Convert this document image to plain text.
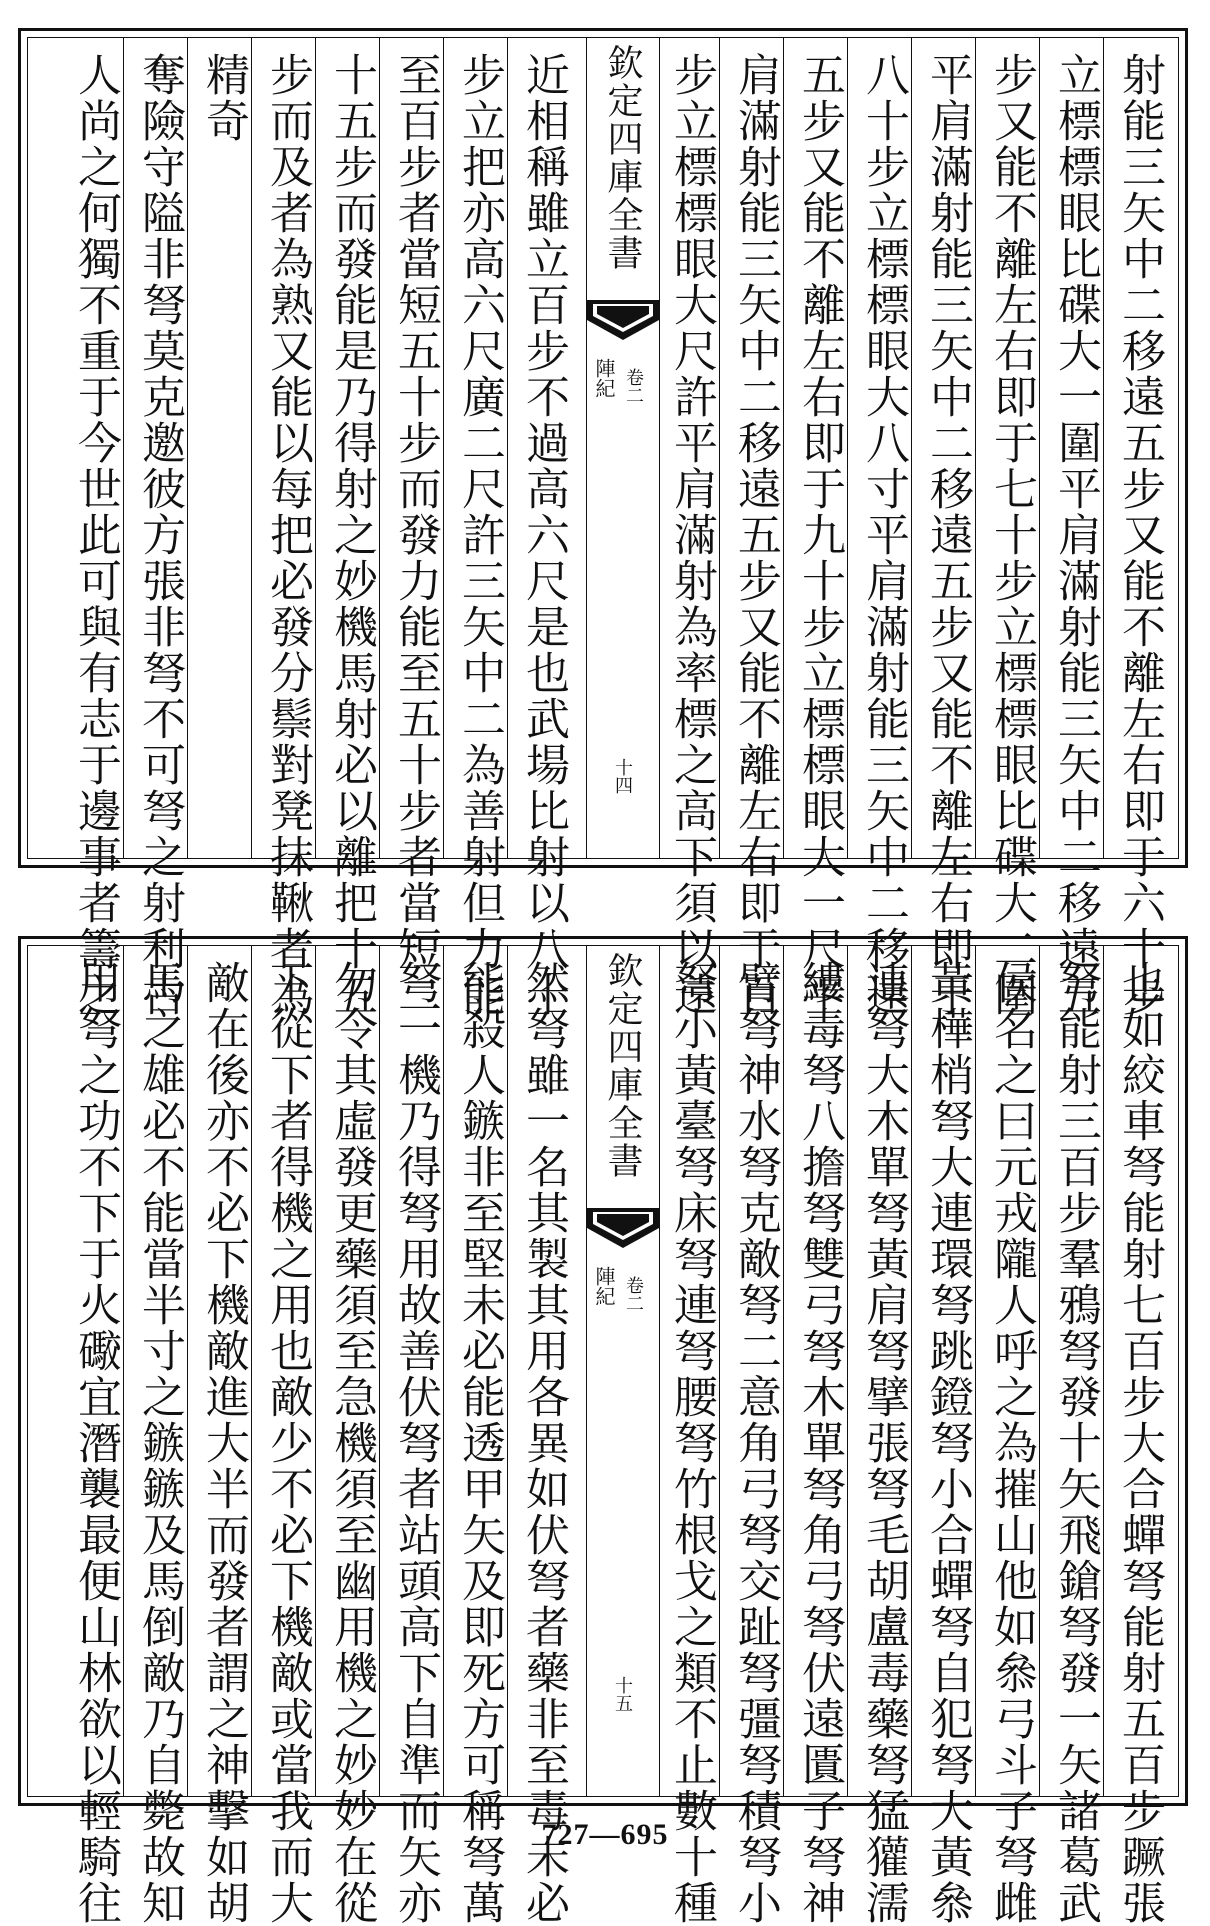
射能三矢中二移遠五步又能不離左右即于六十步
立標標眼比碟大一圍平肩滿射能三矢中二移遠五
步又能不離左右即于七十步立標標眼比碟大二圍
平肩滿射能三矢中二移遠五步又能不離左右即于
八十步立標標眼大八寸平肩滿射能三矢中二移遠
五步又能不離左右即于九十步立標標眼大一尺平
肩滿射能三矢中二移遠五步又能不離左右即于百
步立標標眼大尺許平肩滿射為率標之高下須以遠
欽定四庫全書
陣紀 卷二
十四
近相稱雖立百步不過高六尺是也武場比射以八十
步立把亦高六尺廣二尺許三矢中二為善射但力能
至百步者當短五十步而發力能至五十步者當短二
十五步而發能是乃得射之妙機馬射必以離把十五
步而及者為熟又能以每把必發分鬃對凳抹鞦者為
精奇
奪險守隘非弩莫克邀彼方張非弩不可弩之射利古
人尚之何獨不重于今世此可與有志于邊事者籌之
也如絞車弩能射七百步大合蟬弩能射五百步蹶張
弩能射三百步羣鴉弩發十矢飛鎗弩發一矢諸葛武
侯名之曰元戎隴人呼之為摧山他如叅弓斗子弩雌
黃樺梢弩大連環弩跳鐙弩小合蟬弩自犯弩大黃叅
連弩大木單弩黃肩弩擘張弩毛胡盧毒藥弩猛獾濡
縷毒弩八擔弩雙弓弩木單弩角弓弩伏遠匱子弩神
臂弩神水弩克敵弩二意角弓弩交趾弩彊弩積弩小
弩小黃臺弩床弩連弩腰弩竹根戈之類不止數十種
欽定四庫全書
陣紀 卷二
十五
然弩雖一名其製其用各異如伏弩者藥非至毒未必
能殺人鏃非至堅未必能透甲矢及即死方可稱弩萬
弩一機乃得弩用故善伏弩者站頭高下自準而矢亦
勿令其虛發更藥須至急機須至幽用機之妙妙在從
下從下者得機之用也敵少不必下機敵或當我而大
敵在後亦不必下機敵進大半而發者謂之神擊如胡
馬之雄必不能當半寸之鏃鏃及馬倒敵乃自斃故知
用弩之功不下于火礮宜潛襲最便山林欲以輕騎往	727—695
